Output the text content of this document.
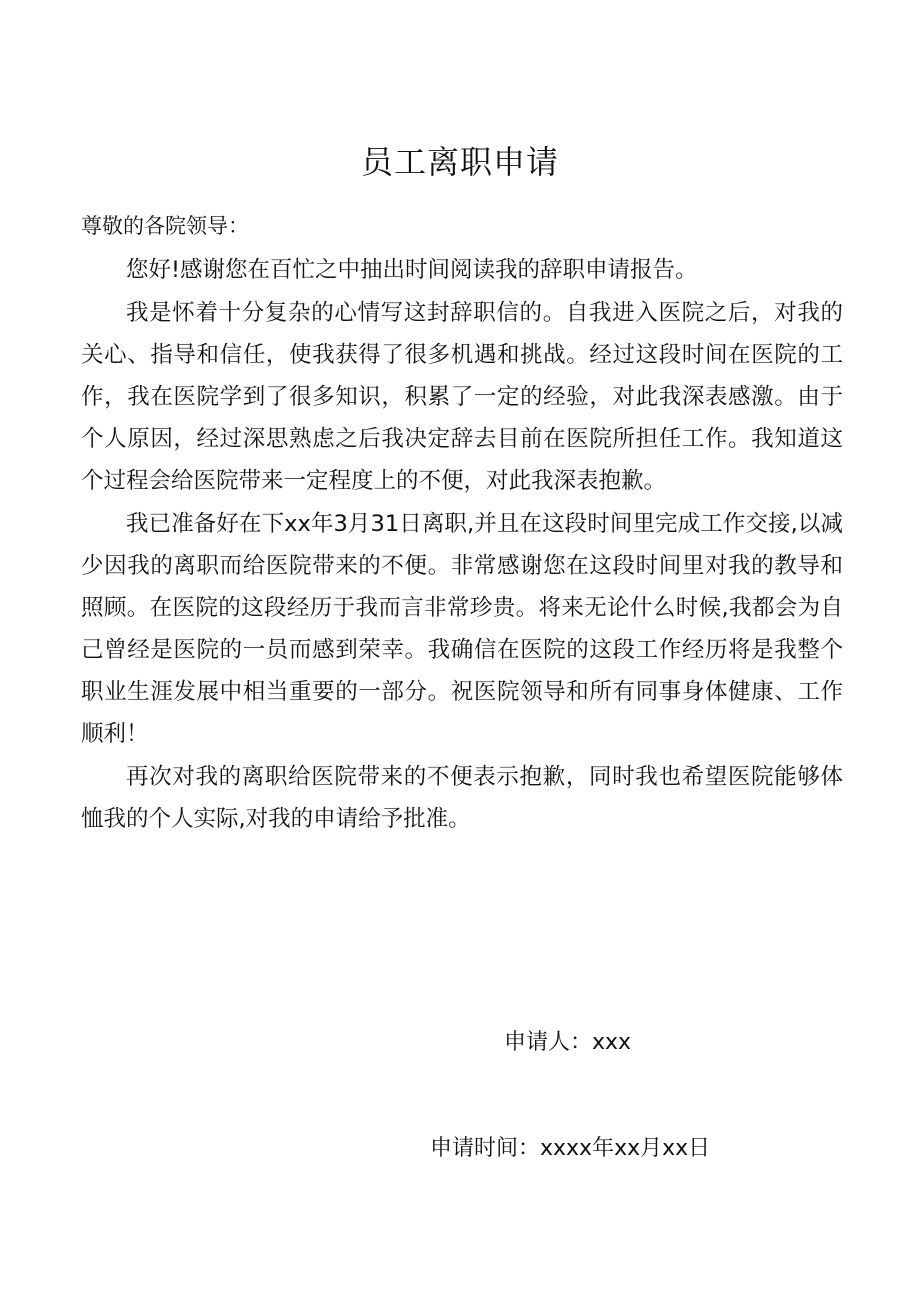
员工离职申请
尊敬的各院领导：

您好!感谢您在百忙之中抽出时间阅读我的辞职申请报告。

我是怀着十分复杂的心情写这封辞职信的。自我进入医院之后，对我的关心、指导和信任，使我获得了很多机遇和挑战。经过这段时间在医院的工作，我在医院学到了很多知识，积累了一定的经验，对此我深表感激。由于个人原因，经过深思熟虑之后我决定辞去目前在医院所担任工作。我知道这个过程会给医院带来一定程度上的不便，对此我深表抱歉。

我已准备好在下xx年3月31日离职,并且在这段时间里完成工作交接,以减少因我的离职而给医院带来的不便。非常感谢您在这段时间里对我的教导和照顾。在医院的这段经历于我而言非常珍贵。将来无论什么时候,我都会为自己曾经是医院的一员而感到荣幸。我确信在医院的这段工作经历将是我整个职业生涯发展中相当重要的一部分。祝医院领导和所有同事身体健康、工作顺利！

再次对我的离职给医院带来的不便表示抱歉，同时我也希望医院能够体恤我的个人实际,对我的申请给予批准。

申请人：xxx
申请时间：xxxx年xx月xx日
